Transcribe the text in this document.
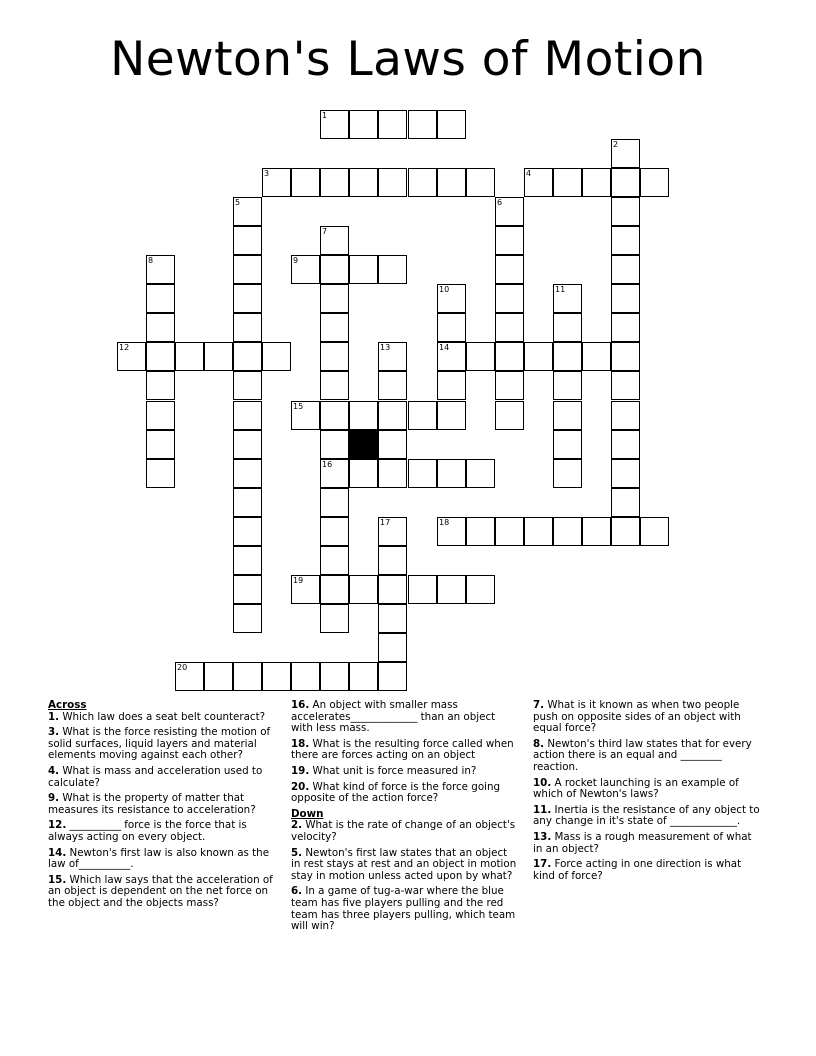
Newton's Laws of Motion
1
3	4
9
12	14
15
16
18
19
20
2
5	6
7
8
10	11
13
17
Across
1. Which law does a seat belt counteract?
3. What is the force resisting the motion of solid surfaces, liquid layers and material elements moving against each other?
4. What is mass and acceleration used to calculate?
9. What is the property of matter that measures its resistance to acceleration?
12. __________ force is the force that is always acting on every object.
14. Newton's first law is also known as the law of__________.
15. Which law says that the acceleration of an object is dependent on the net force on the object and the objects mass?
16. An object with smaller mass accelerates_____________ than an object with less mass.
18. What is the resulting force called when there are forces acting on an object
19. What unit is force measured in?
20. What kind of force is the force going opposite of the action force?
Down
2. What is the rate of change of an object's velocity?
5. Newton's first law states that an object in rest stays at rest and an object in motion stay in motion unless acted upon by what?
6. In a game of tug-a-war where the blue team has five players pulling and the red team has three players pulling, which team will win?
7. What is it known as when two people push on opposite sides of an object with equal force?
8. Newton's third law states that for every action there is an equal and ________ reaction.
10. A rocket launching is an example of which of Newton's laws?
11. Inertia is the resistance of any object to any change in it's state of _____________.
13. Mass is a rough measurement of what in an object?
17. Force acting in one direction is what kind of force?
